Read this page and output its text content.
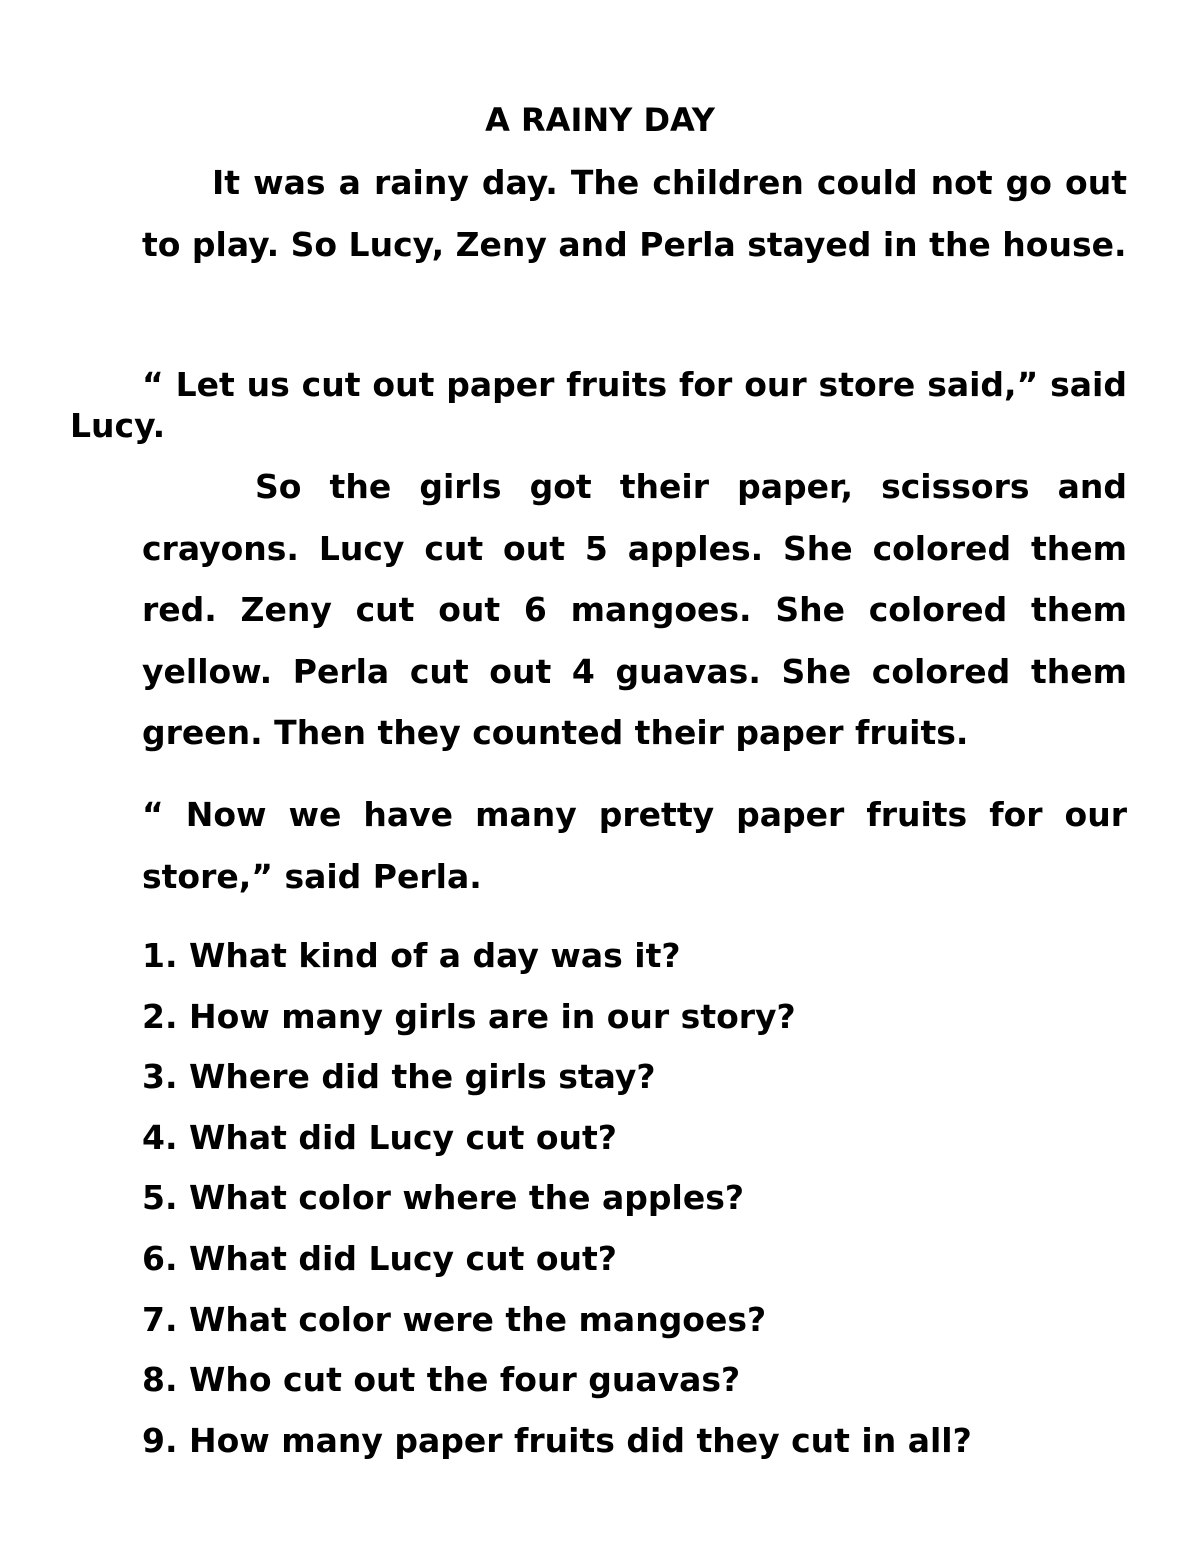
A RAINY DAY
It was a rainy day. The children could not go out to play. So Lucy, Zeny and Perla stayed in the house.
“ Let us cut out paper fruits for our store said,” said Lucy.
So the girls got their paper, scissors and crayons. Lucy cut out 5 apples. She colored them red. Zeny cut out 6 mangoes. She colored them yellow. Perla cut out 4 guavas. She colored them green. Then they counted their paper fruits.
“ Now we have many pretty paper fruits for our store,” said Perla.
1. What kind of a day was it?
2. How many girls are in our story?
3. Where did the girls stay?
4. What did Lucy cut out?
5. What color where the apples?
6. What did Lucy cut out?
7. What color were the mangoes?
8. Who cut out the four guavas?
9. How many paper fruits did they cut in all?
